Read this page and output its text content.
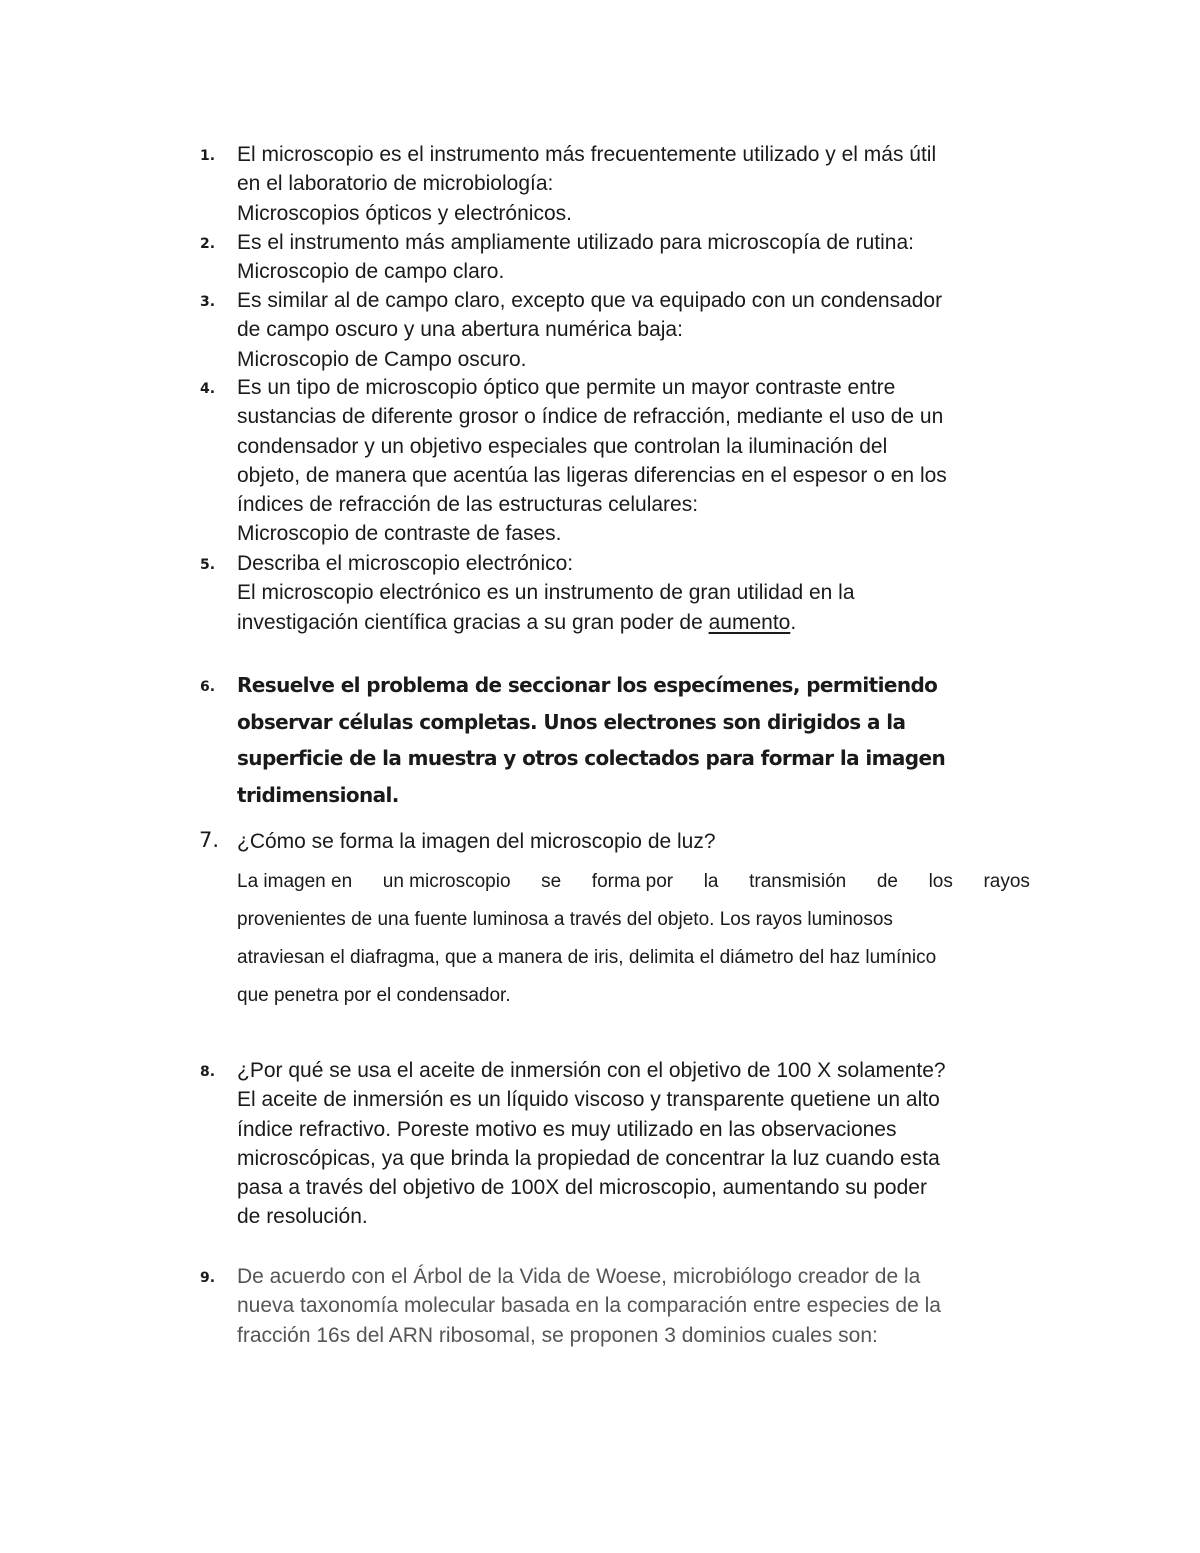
1.	El microscopio es el instrumento más frecuentemente utilizado y el más útil
en el laboratorio de microbiología:
Microscopios ópticos y electrónicos.
2.	Es el instrumento más ampliamente utilizado para microscopía de rutina:
Microscopio de campo claro.
3.	Es similar al de campo claro, excepto que va equipado con un condensador
de campo oscuro y una abertura numérica baja:
Microscopio de Campo oscuro.
4.	Es un tipo de microscopio óptico que permite un mayor contraste entre
sustancias de diferente grosor o índice de refracción, mediante el uso de un
condensador y un objetivo especiales que controlan la iluminación del
objeto, de manera que acentúa las ligeras diferencias en el espesor o en los
índices de refracción de las estructuras celulares:
Microscopio de contraste de fases.
5.	Describa el microscopio electrónico:
El microscopio electrónico es un instrumento de gran utilidad en la
investigación científica gracias a su gran poder de aumento.
6.	Resuelve el problema de seccionar los especímenes, permitiendo
observar células completas. Unos electrones son dirigidos a la
superficie de la muestra y otros colectados para formar la imagen
tridimensional.
7. ¿Cómo se forma la imagen del microscopio de luz?
La imagen en un microscopio se forma por la transmisión de los rayos
provenientes de una fuente luminosa a través del objeto. Los rayos luminosos
atraviesan el diafragma, que a manera de iris, delimita el diámetro del haz lumínico
que penetra por el condensador.
8.	¿Por qué se usa el aceite de inmersión con el objetivo de 100 X solamente?
El aceite de inmersión es un líquido viscoso y transparente quetiene un alto
índice refractivo. Poreste motivo es muy utilizado en las observaciones
microscópicas, ya que brinda la propiedad de concentrar la luz cuando esta
pasa a través del objetivo de 100X del microscopio, aumentando su poder
de resolución.
9.	De acuerdo con el Árbol de la Vida de Woese, microbiólogo creador de la
nueva taxonomía molecular basada en la comparación entre especies de la
fracción 16s del ARN ribosomal, se proponen 3 dominios cuales son:
